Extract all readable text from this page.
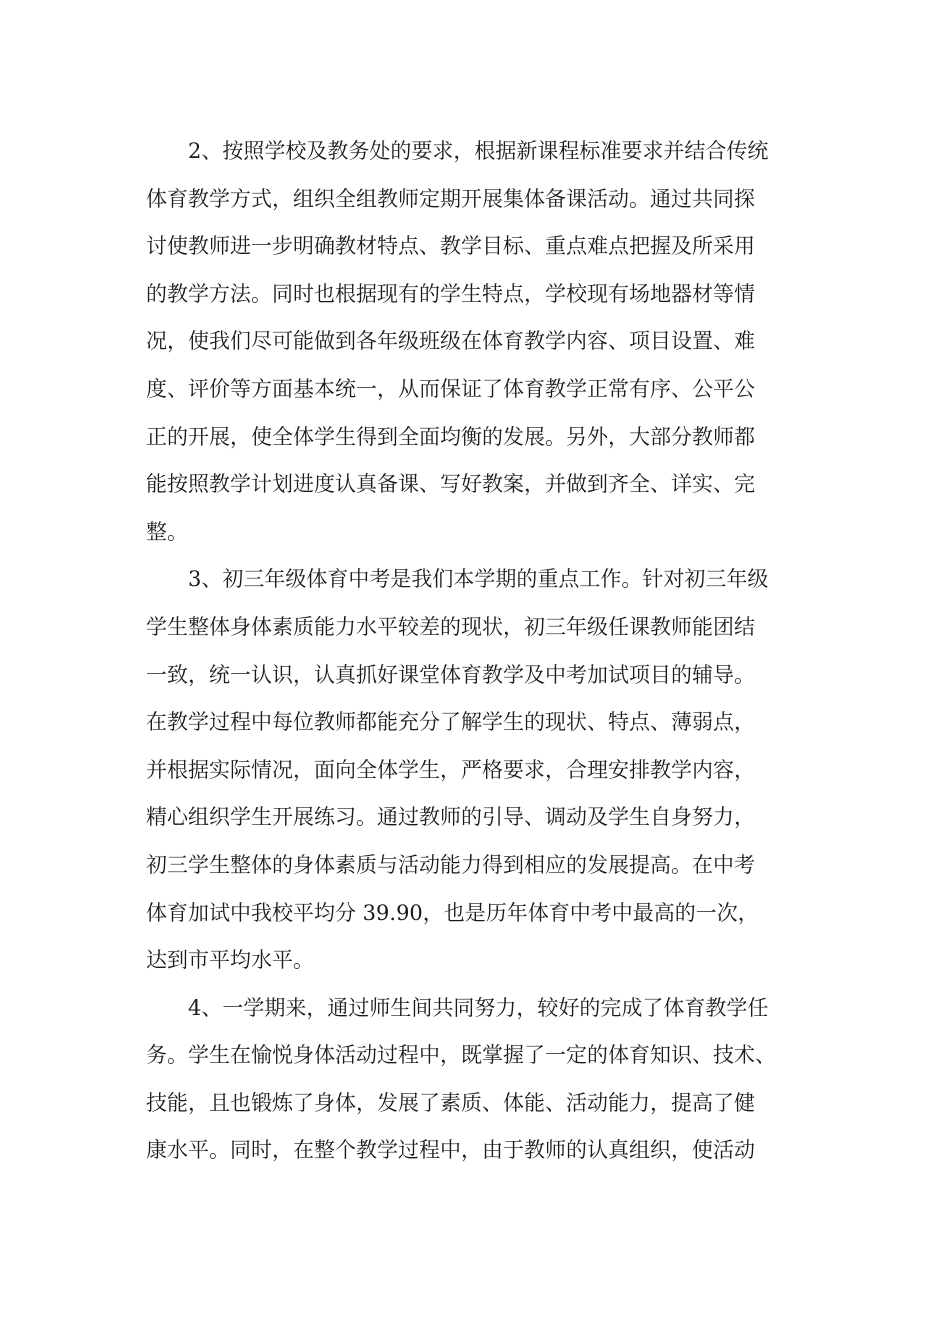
2、按照学校及教务处的要求，根据新课程标准要求并结合传统
体育教学方式，组织全组教师定期开展集体备课活动。通过共同探
讨使教师进一步明确教材特点、教学目标、重点难点把握及所采用
的教学方法。同时也根据现有的学生特点，学校现有场地器材等情
况，使我们尽可能做到各年级班级在体育教学内容、项目设置、难
度、评价等方面基本统一，从而保证了体育教学正常有序、公平公
正的开展，使全体学生得到全面均衡的发展。另外，大部分教师都
能按照教学计划进度认真备课、写好教案，并做到齐全、详实、完
整。
3、初三年级体育中考是我们本学期的重点工作。针对初三年级
学生整体身体素质能力水平较差的现状，初三年级任课教师能团结
一致，统一认识，认真抓好课堂体育教学及中考加试项目的辅导。
在教学过程中每位教师都能充分了解学生的现状、特点、薄弱点，
并根据实际情况，面向全体学生，严格要求，合理安排教学内容，
精心组织学生开展练习。通过教师的引导、调动及学生自身努力，
初三学生整体的身体素质与活动能力得到相应的发展提高。在中考
体育加试中我校平均分 39.90，也是历年体育中考中最高的一次，
达到市平均水平。
4、一学期来，通过师生间共同努力，较好的完成了体育教学任
务。学生在愉悦身体活动过程中，既掌握了一定的体育知识、技术、
技能，且也锻炼了身体，发展了素质、体能、活动能力，提高了健
康水平。同时，在整个教学过程中，由于教师的认真组织，使活动
